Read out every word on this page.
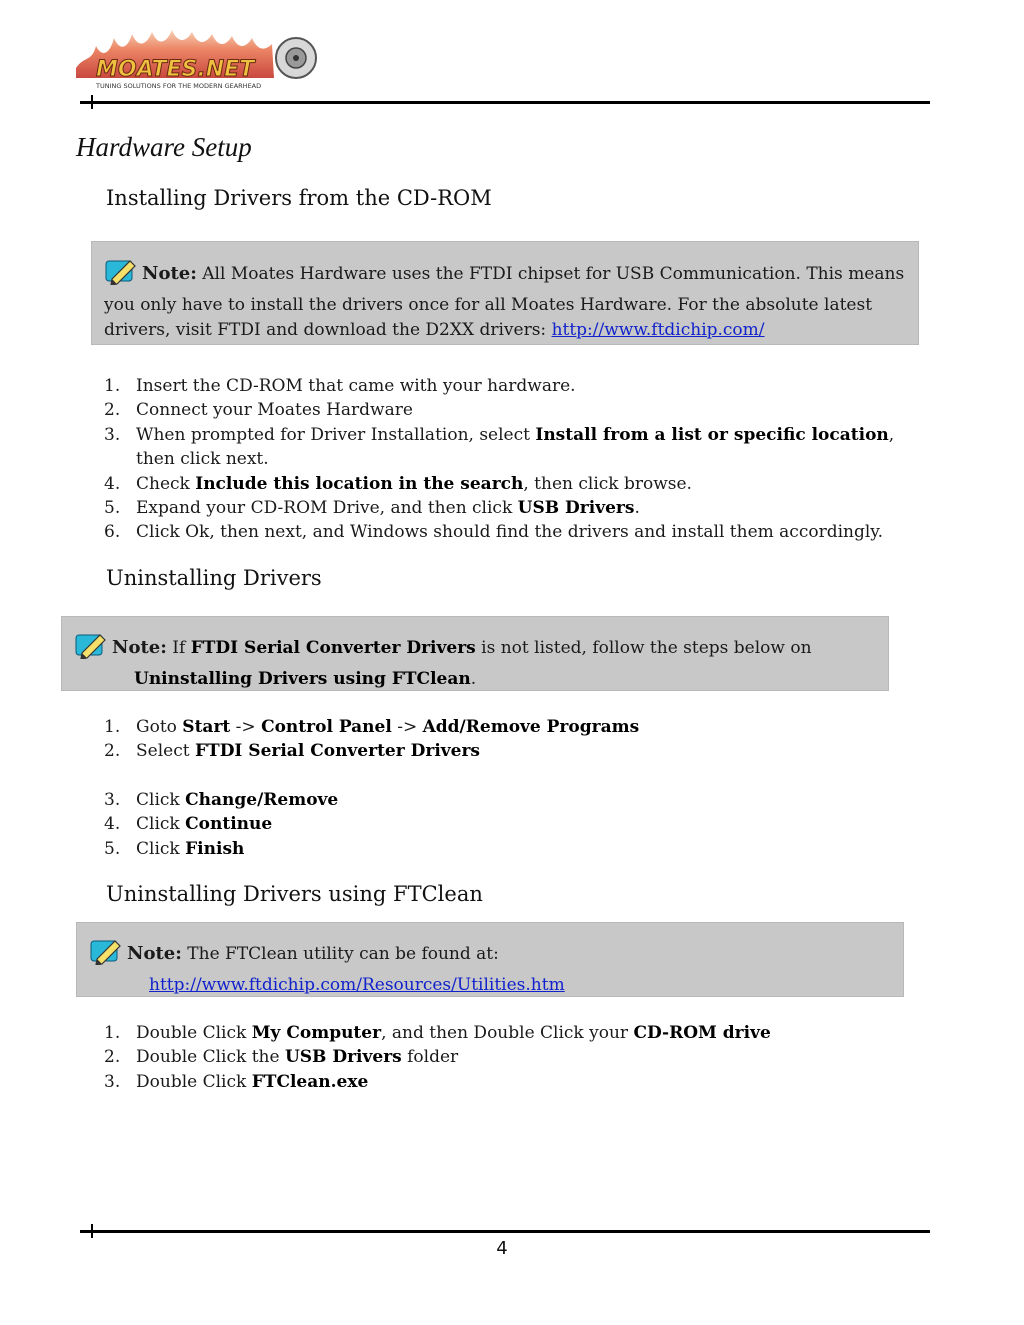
MOATES.NET
TUNING SOLUTIONS FOR THE MODERN GEARHEAD
Hardware Setup
Installing Drivers from the CD-ROM
Note: All Moates Hardware uses the FTDI chipset for USB Communication. This means you only have to install the drivers once for all Moates Hardware. For the absolute latest drivers, visit FTDI and download the D2XX drivers: http://www.ftdichip.com/
1. Insert the CD-ROM that came with your hardware.
2. Connect your Moates Hardware
3. When prompted for Driver Installation, select Install from a list or specific location, then click next.
4. Check Include this location in the search, then click browse.
5. Expand your CD-ROM Drive, and then click USB Drivers.
6. Click Ok, then next, and Windows should find the drivers and install them accordingly.
Uninstalling Drivers
Note: If FTDI Serial Converter Drivers is not listed, follow the steps below on
Uninstalling Drivers using FTClean.
1. Goto Start -> Control Panel -> Add/Remove Programs
2. Select FTDI Serial Converter Drivers
3. Click Change/Remove
4. Click Continue
5. Click Finish
Uninstalling Drivers using FTClean
Note: The FTClean utility can be found at:
http://www.ftdichip.com/Resources/Utilities.htm
1. Double Click My Computer, and then Double Click your CD-ROM drive
2. Double Click the USB Drivers folder
3. Double Click FTClean.exe
4
